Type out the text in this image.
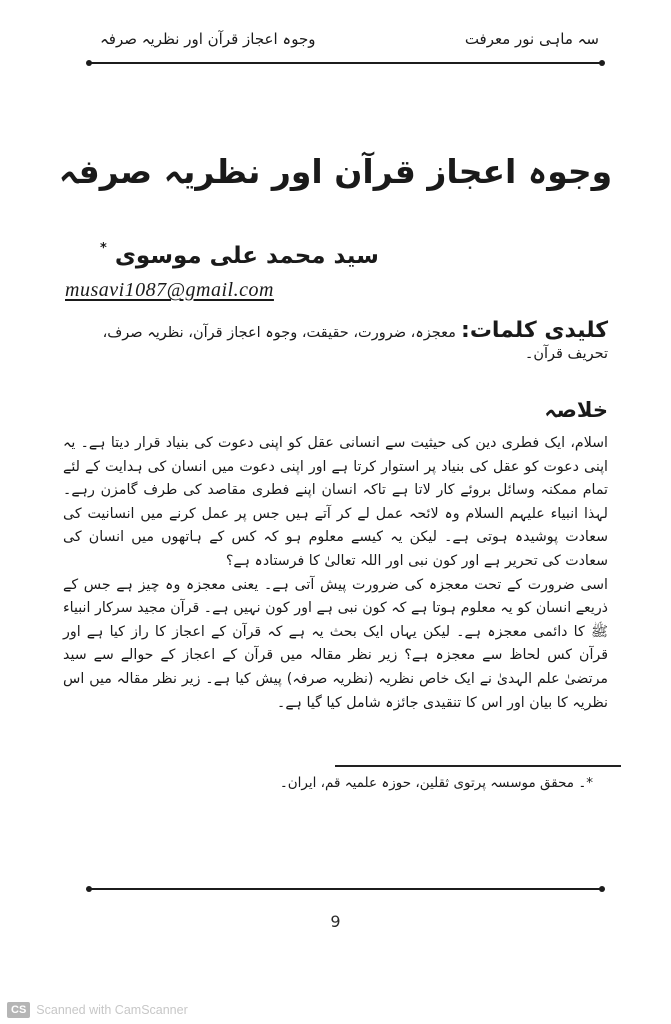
سہ ماہی نور معرفت
وجوہ اعجاز قرآن اور نظریہ صرفہ
وجوہ اعجاز قرآن اور نظریہ صرفہ
سید محمد علی موسوی *
musavi1087@gmail.com
کلیدی کلمات: معجزہ، ضرورت، حقیقت، وجوہ اعجاز قرآن، نظریہ صرف، تحریف قرآن۔
خلاصہ

اسلام، ایک فطری دین کی حیثیت سے انسانی عقل کو اپنی دعوت کی بنیاد قرار دیتا ہے۔ یہ اپنی دعوت کو عقل کی بنیاد پر استوار کرتا ہے اور اپنی دعوت میں انسان کی ہدایت کے لئے تمام ممکنہ وسائل بروئے کار لاتا ہے تاکہ انسان اپنے فطری مقاصد کی طرف گامزن رہے۔ لہذا انبیاء علیہم السلام وہ لائحہ عمل لے کر آتے ہیں جس پر عمل کرنے میں انسانیت کی سعادت پوشیدہ ہوتی ہے۔ لیکن یہ کیسے معلوم ہو کہ کس کے ہاتھوں میں انسان کی سعادت کی تحریر ہے اور کون نبی اور اللہ تعالیٰ کا فرستادہ ہے؟

اسی ضرورت کے تحت معجزہ کی ضرورت پیش آتی ہے۔ یعنی معجزہ وہ چیز ہے جس کے ذریعے انسان کو یہ معلوم ہوتا ہے کہ کون نبی ہے اور کون نہیں ہے۔ قرآن مجید سرکار انبیاء ﷺ کا دائمی معجزہ ہے۔ لیکن یہاں ایک بحث یہ ہے کہ قرآن کے اعجاز کا راز کیا ہے اور قرآن کس لحاظ سے معجزہ ہے؟ زیر نظر مقالہ میں قرآن کے اعجاز کے حوالے سے سید مرتضیٰ علم الہدیٰ نے ایک خاص نظریہ (نظریہ صرفہ) پیش کیا ہے۔ زیر نظر مقالہ میں اس نظریہ کا بیان اور اس کا تنقیدی جائزہ شامل کیا گیا ہے۔

*۔ محقق موسسہ پرتوی ثقلین، حوزہ علمیہ قم، ایران۔
9
CS Scanned with CamScanner
